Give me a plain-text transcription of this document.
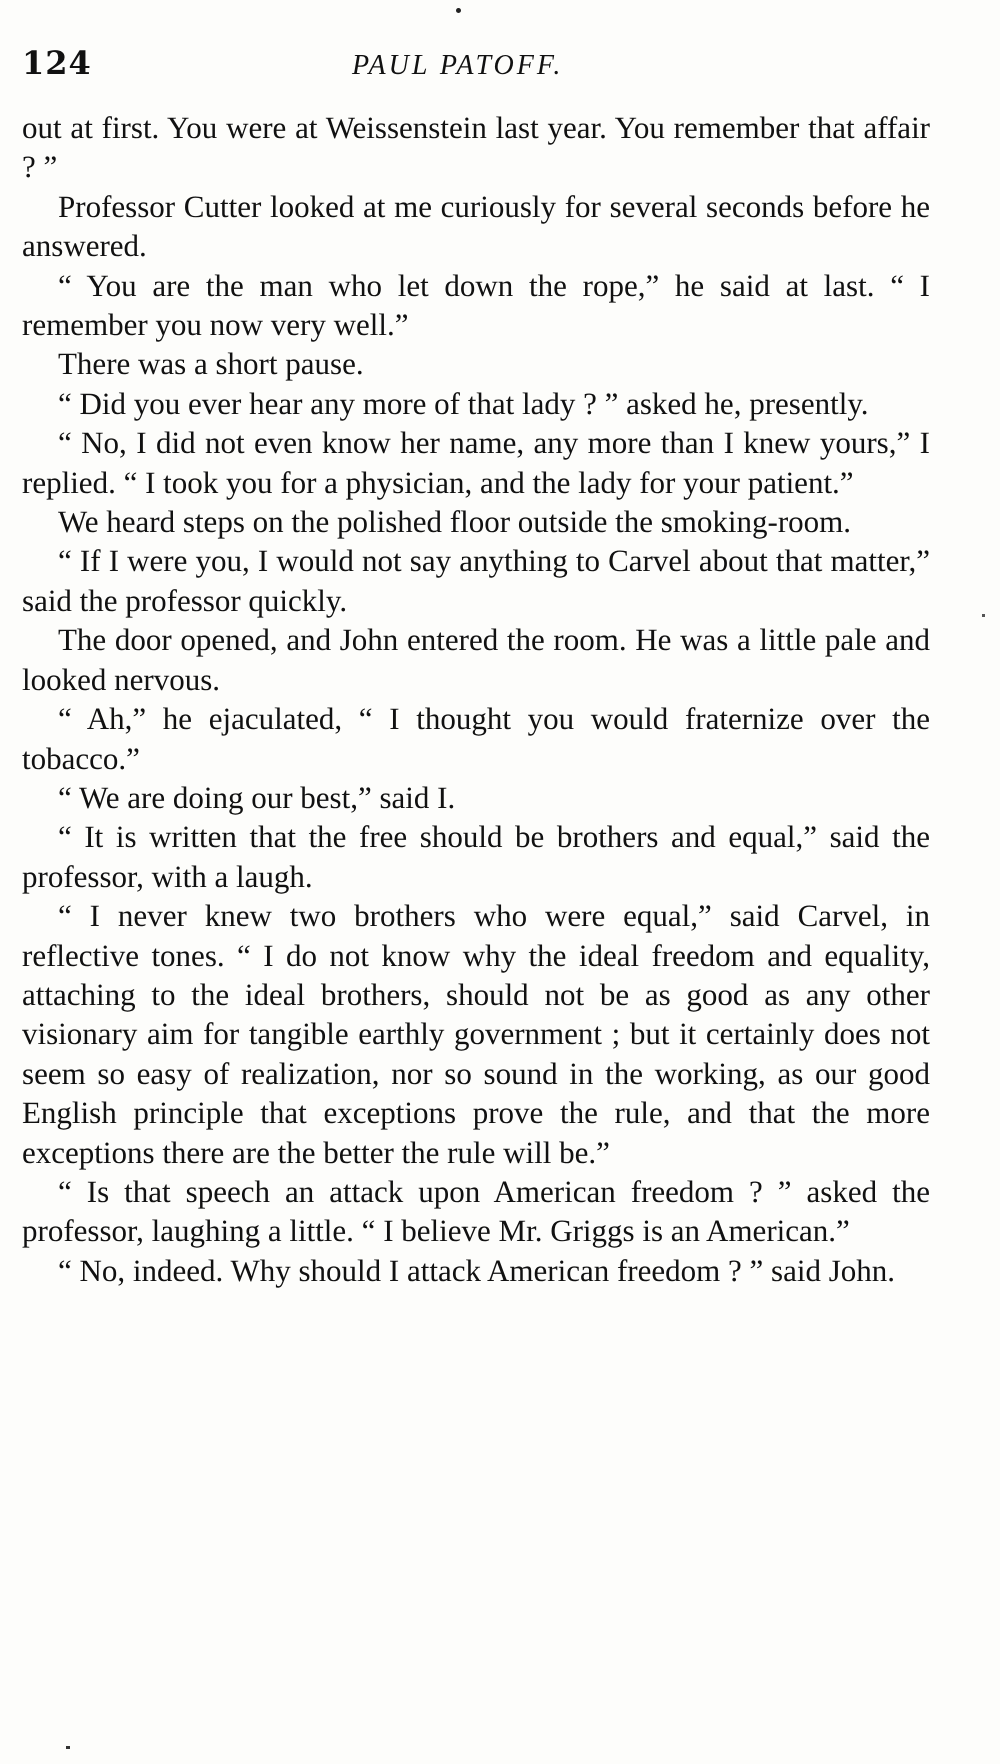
124	PAUL PATOFF.

out at first. You were at Weissenstein last year. You remember that affair ? ”

Professor Cutter looked at me curiously for several seconds before he answered.

“ You are the man who let down the rope,” he said at last. “ I remember you now very well.”

There was a short pause.

“ Did you ever hear any more of that lady ? ” asked he, presently.

“ No, I did not even know her name, any more than I knew yours,” I replied. “ I took you for a physician, and the lady for your patient.”

We heard steps on the polished floor outside the smoking-room.

“ If I were you, I would not say anything to Carvel about that matter,” said the professor quickly.

The door opened, and John entered the room. He was a little pale and looked nervous.

“ Ah,” he ejaculated, “ I thought you would fraternize over the tobacco.”

“ We are doing our best,” said I.

“ It is written that the free should be brothers and equal,” said the professor, with a laugh.

“ I never knew two brothers who were equal,” said Carvel, in reflective tones. “ I do not know why the ideal freedom and equality, attaching to the ideal brothers, should not be as good as any other visionary aim for tangible earthly government ; but it certainly does not seem so easy of realization, nor so sound in the working, as our good English principle that exceptions prove the rule, and that the more exceptions there are the better the rule will be.”

“ Is that speech an attack upon American freedom ? ” asked the professor, laughing a little. “ I believe Mr. Griggs is an American.”

“ No, indeed. Why should I attack American freedom ? ” said John.
